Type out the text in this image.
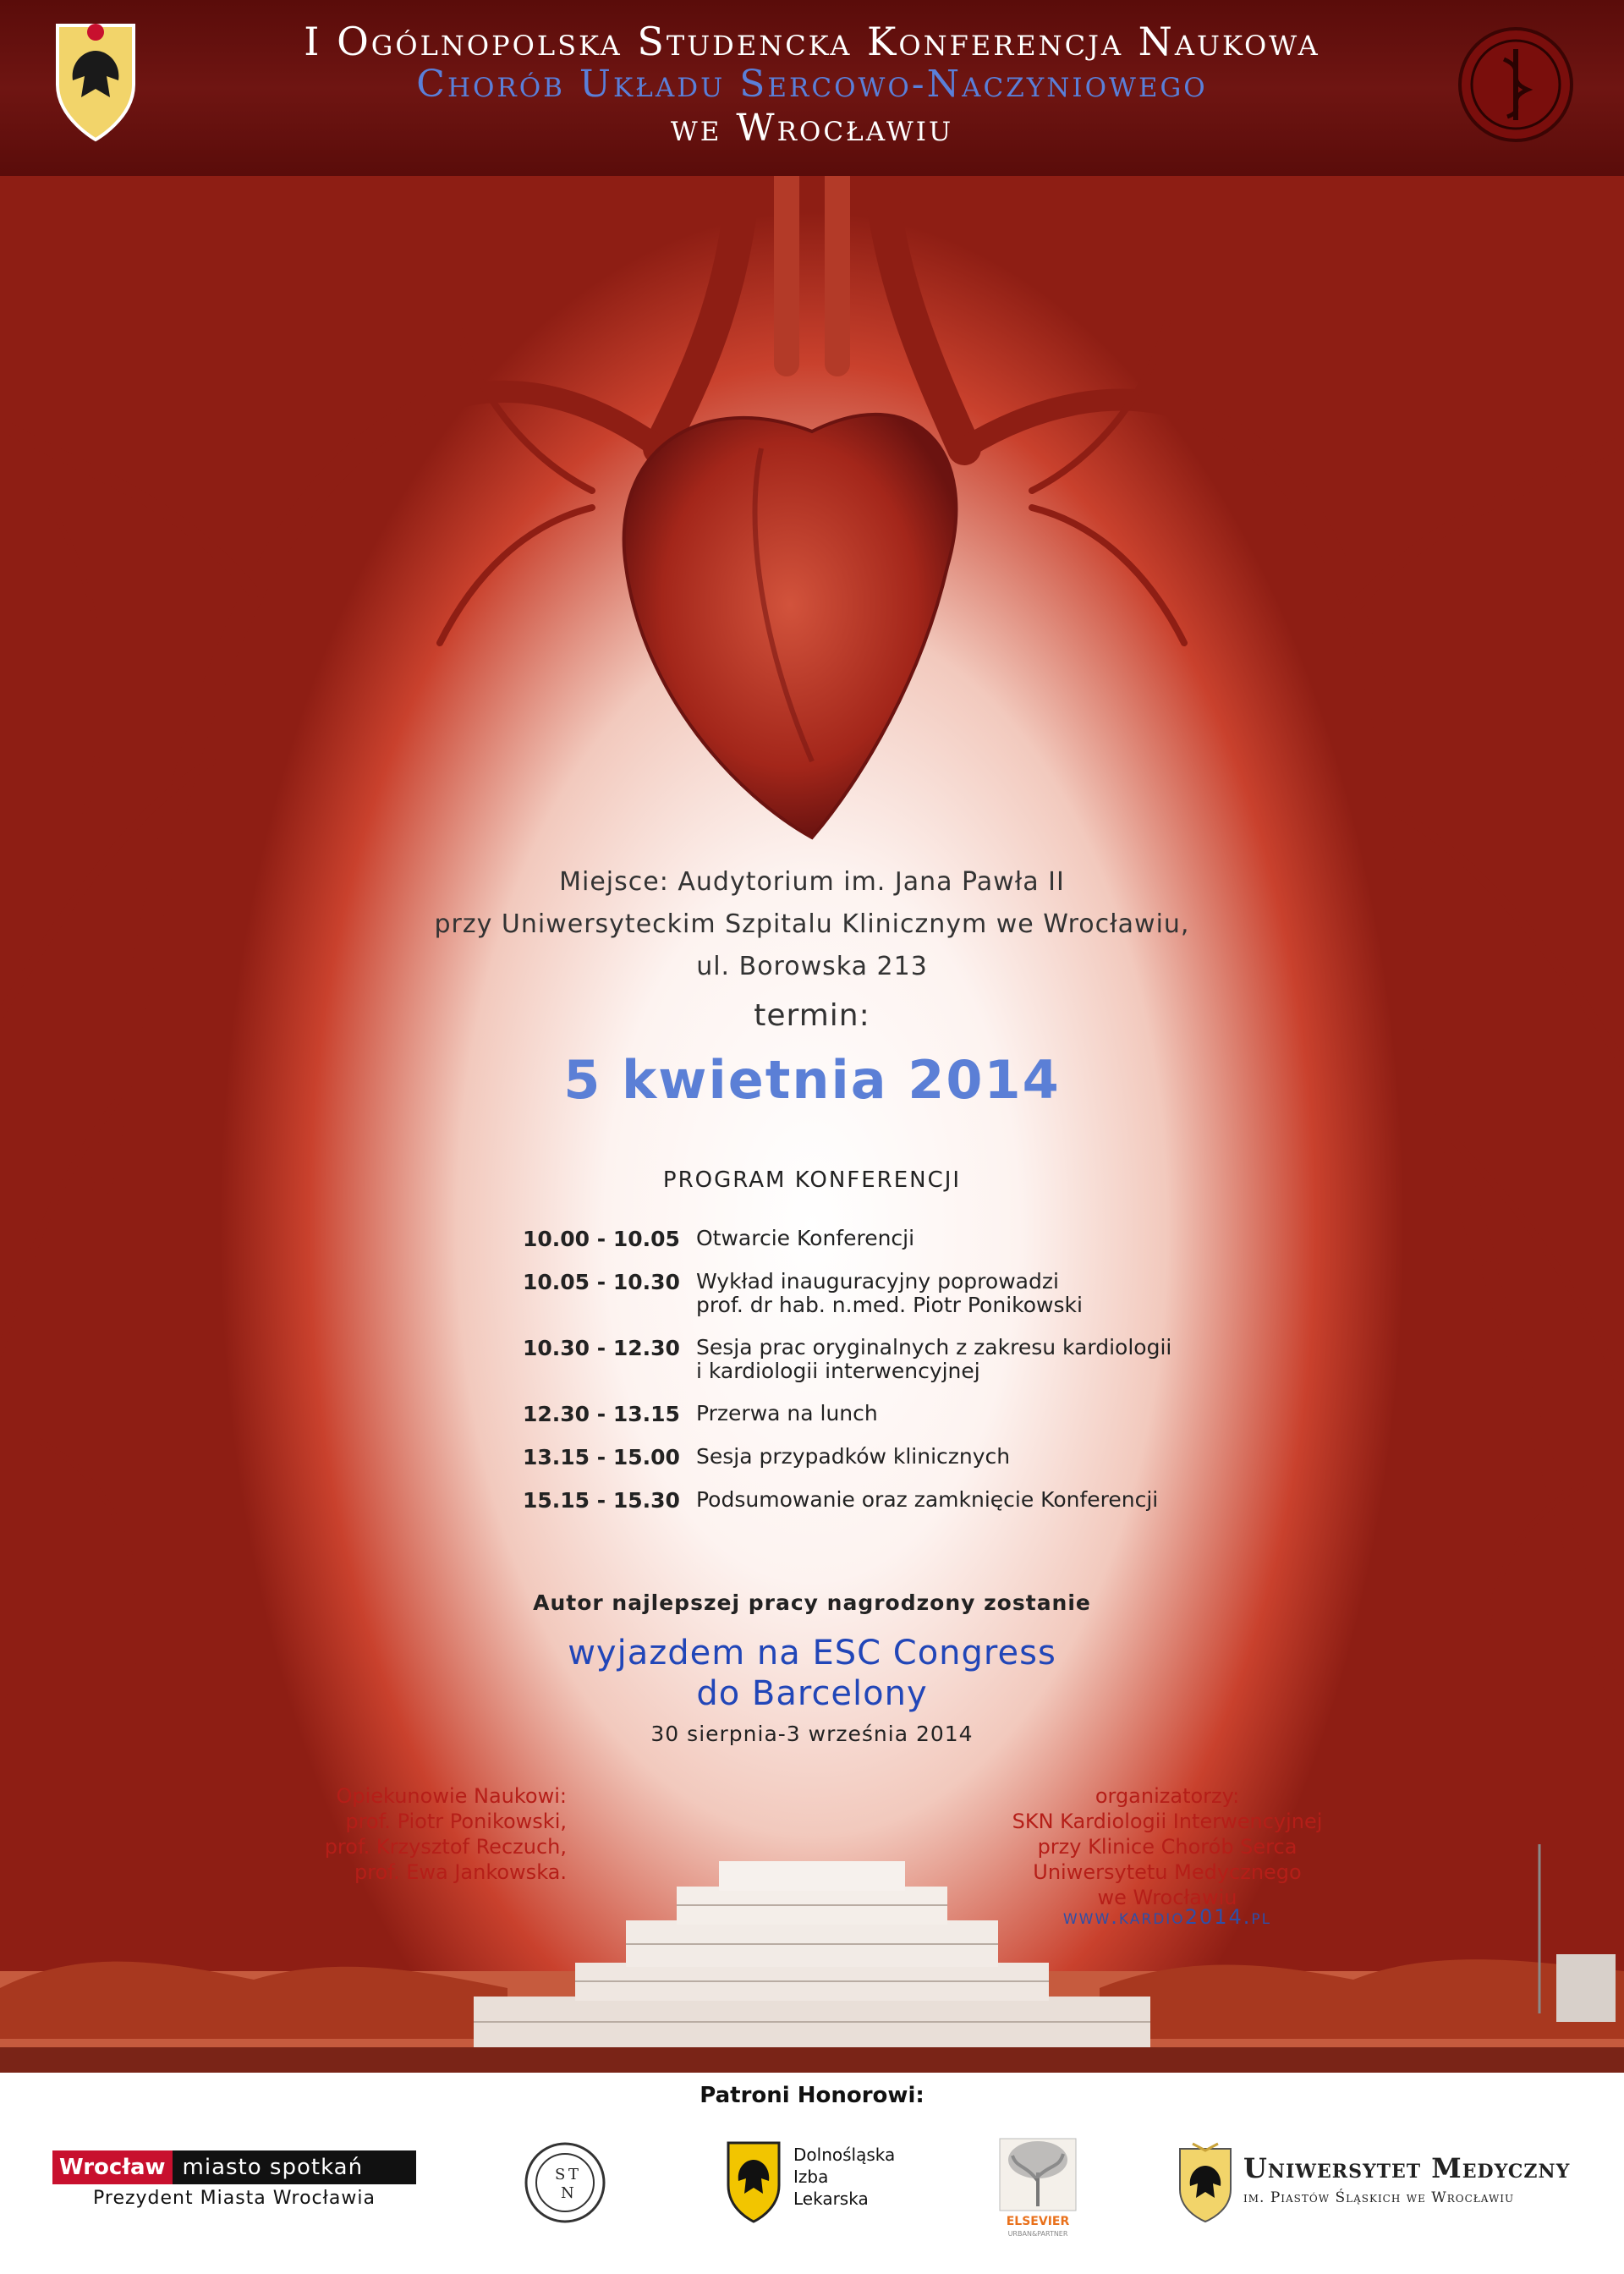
I Ogólnopolska Studencka Konferencja Naukowa
Chorób Układu Sercowo-Naczyniowego
we Wrocławiu
Miejsce: Audytorium im. Jana Pawła II
przy Uniwersyteckim Szpitalu Klinicznym we Wrocławiu,
ul. Borowska 213
termin:
5 kwietnia 2014
PROGRAM KONFERENCJI
10.00 - 10.05 Otwarcie Konferencji
10.05 - 10.30 Wykład inauguracyjny poprowadzi
prof. dr hab. n.med. Piotr Ponikowski
10.30 - 12.30 Sesja prac oryginalnych z zakresu kardiologii
i kardiologii interwencyjnej
12.30 - 13.15 Przerwa na lunch
13.15 - 15.00 Sesja przypadków klinicznych
15.15 - 15.30 Podsumowanie oraz zamknięcie Konferencji
Autor najlepszej pracy nagrodzony zostanie
wyjazdem na ESC Congress
do Barcelony
30 sierpnia-3 września 2014
Opiekunowie Naukowi:
prof. Piotr Ponikowski,
prof. Krzysztof Reczuch,
prof. Ewa Jankowska.
organizatorzy:
SKN Kardiologii Interwencyjnej
przy Klinice Chorób Serca
Uniwersytetu Medycznego
we Wrocławiu
www.kardio2014.pl
Patroni Honorowi:
Wrocław miasto spotkań
Prezydent Miasta Wrocławia
S T
N
Dolnośląska
Izba
Lekarska
ELSEVIER
URBAN&PARTNER
Uniwersytet Medyczny
im. Piastów Śląskich we Wrocławiu
